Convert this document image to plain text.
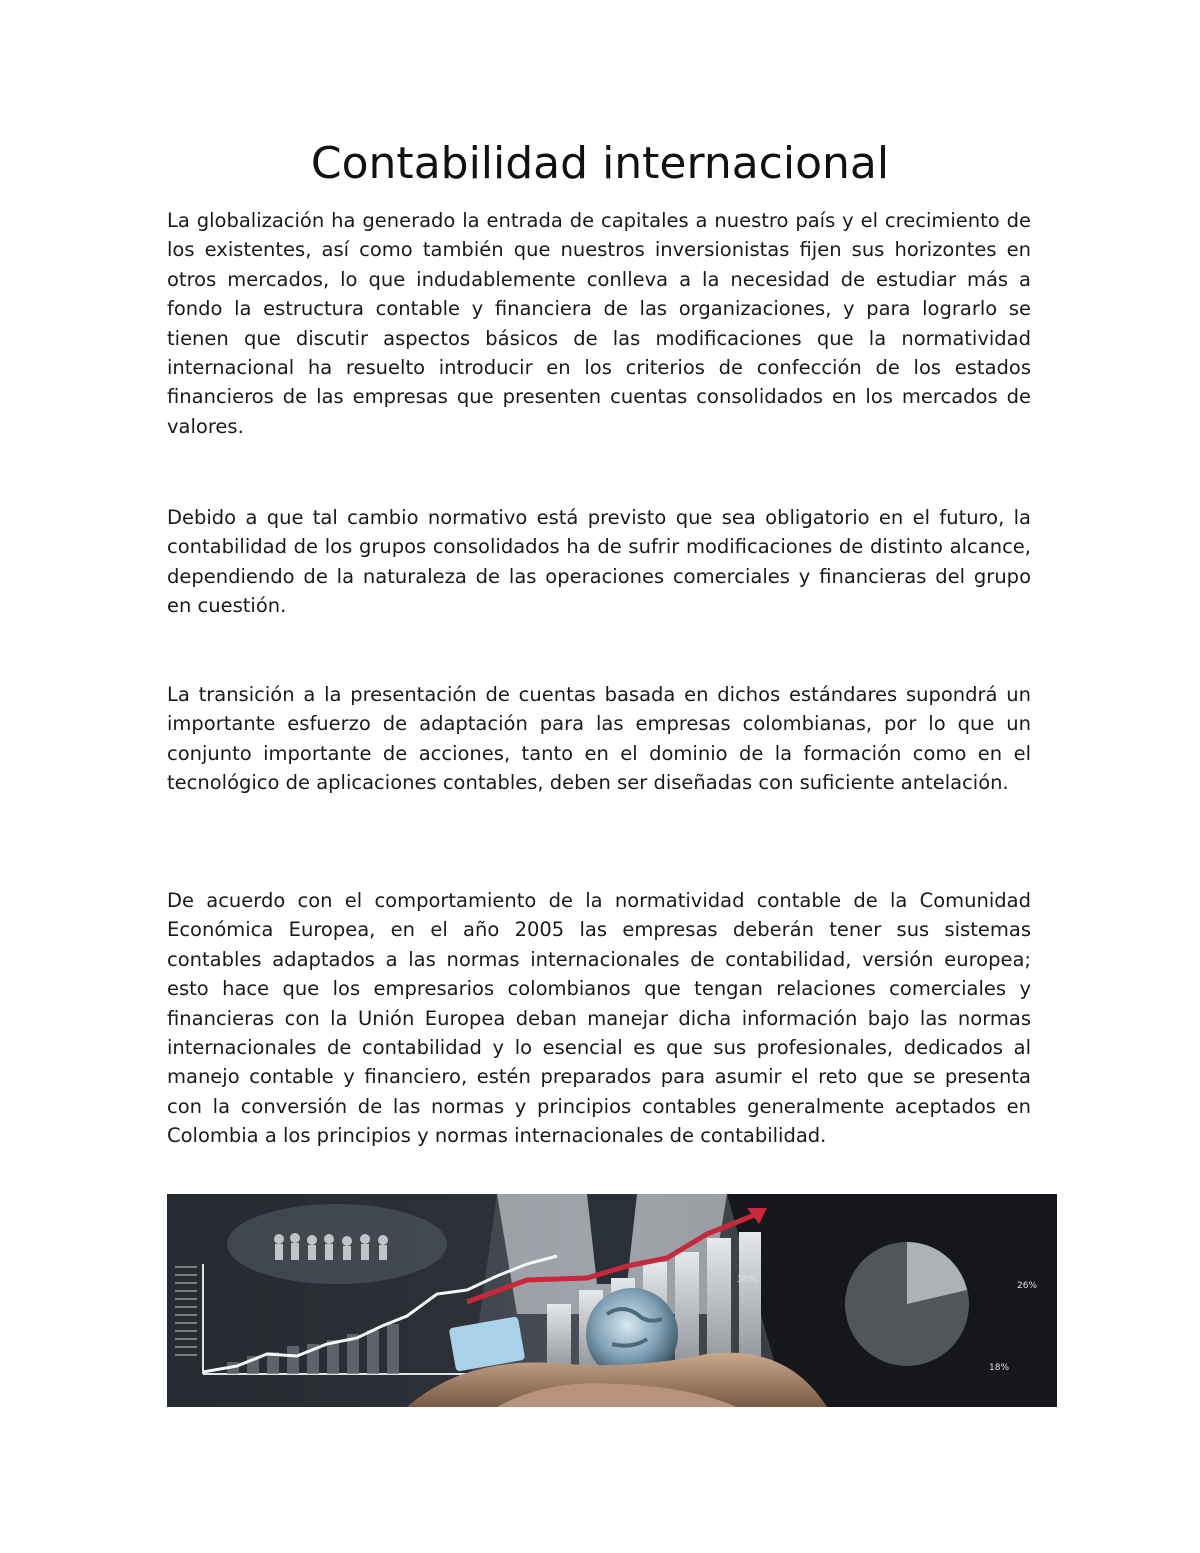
Contabilidad internacional

La globalización ha generado la entrada de capitales a nuestro país y el crecimiento de los existentes, así como también que nuestros inversionistas fijen sus horizontes en otros mercados, lo que indudablemente conlleva a la necesidad de estudiar más a fondo la estructura contable y financiera de las organizaciones, y para lograrlo se tienen que discutir aspectos básicos de las modificaciones que la normatividad internacional ha resuelto introducir en los criterios de confección de los estados financieros de las empresas que presenten cuentas consolidados en los mercados de valores.

Debido a que tal cambio normativo está previsto que sea obligatorio en el futuro, la contabilidad de los grupos consolidados ha de sufrir modificaciones de distinto alcance, dependiendo de la naturaleza de las operaciones comerciales y financieras del grupo en cuestión.

La transición a la presentación de cuentas basada en dichos estándares supondrá un importante esfuerzo de adaptación para las empresas colombianas, por lo que un conjunto importante de acciones, tanto en el dominio de la formación como en el tecnológico de aplicaciones contables, deben ser diseñadas con suficiente antelación.

De acuerdo con el comportamiento de la normatividad contable de la Comunidad Económica Europea, en el año 2005 las empresas deberán tener sus sistemas contables adaptados a las normas internacionales de contabilidad, versión europea; esto hace que los empresarios colombianos que tengan relaciones comerciales y financieras con la Unión Europea deban manejar dicha información bajo las normas internacionales de contabilidad y lo esencial es que sus profesionales, dedicados al manejo contable y financiero, estén preparados para asumir el reto que se presenta con la conversión de las normas y principios contables generalmente aceptados en Colombia a los principios y normas internacionales de contabilidad.

36%
26%
18%
